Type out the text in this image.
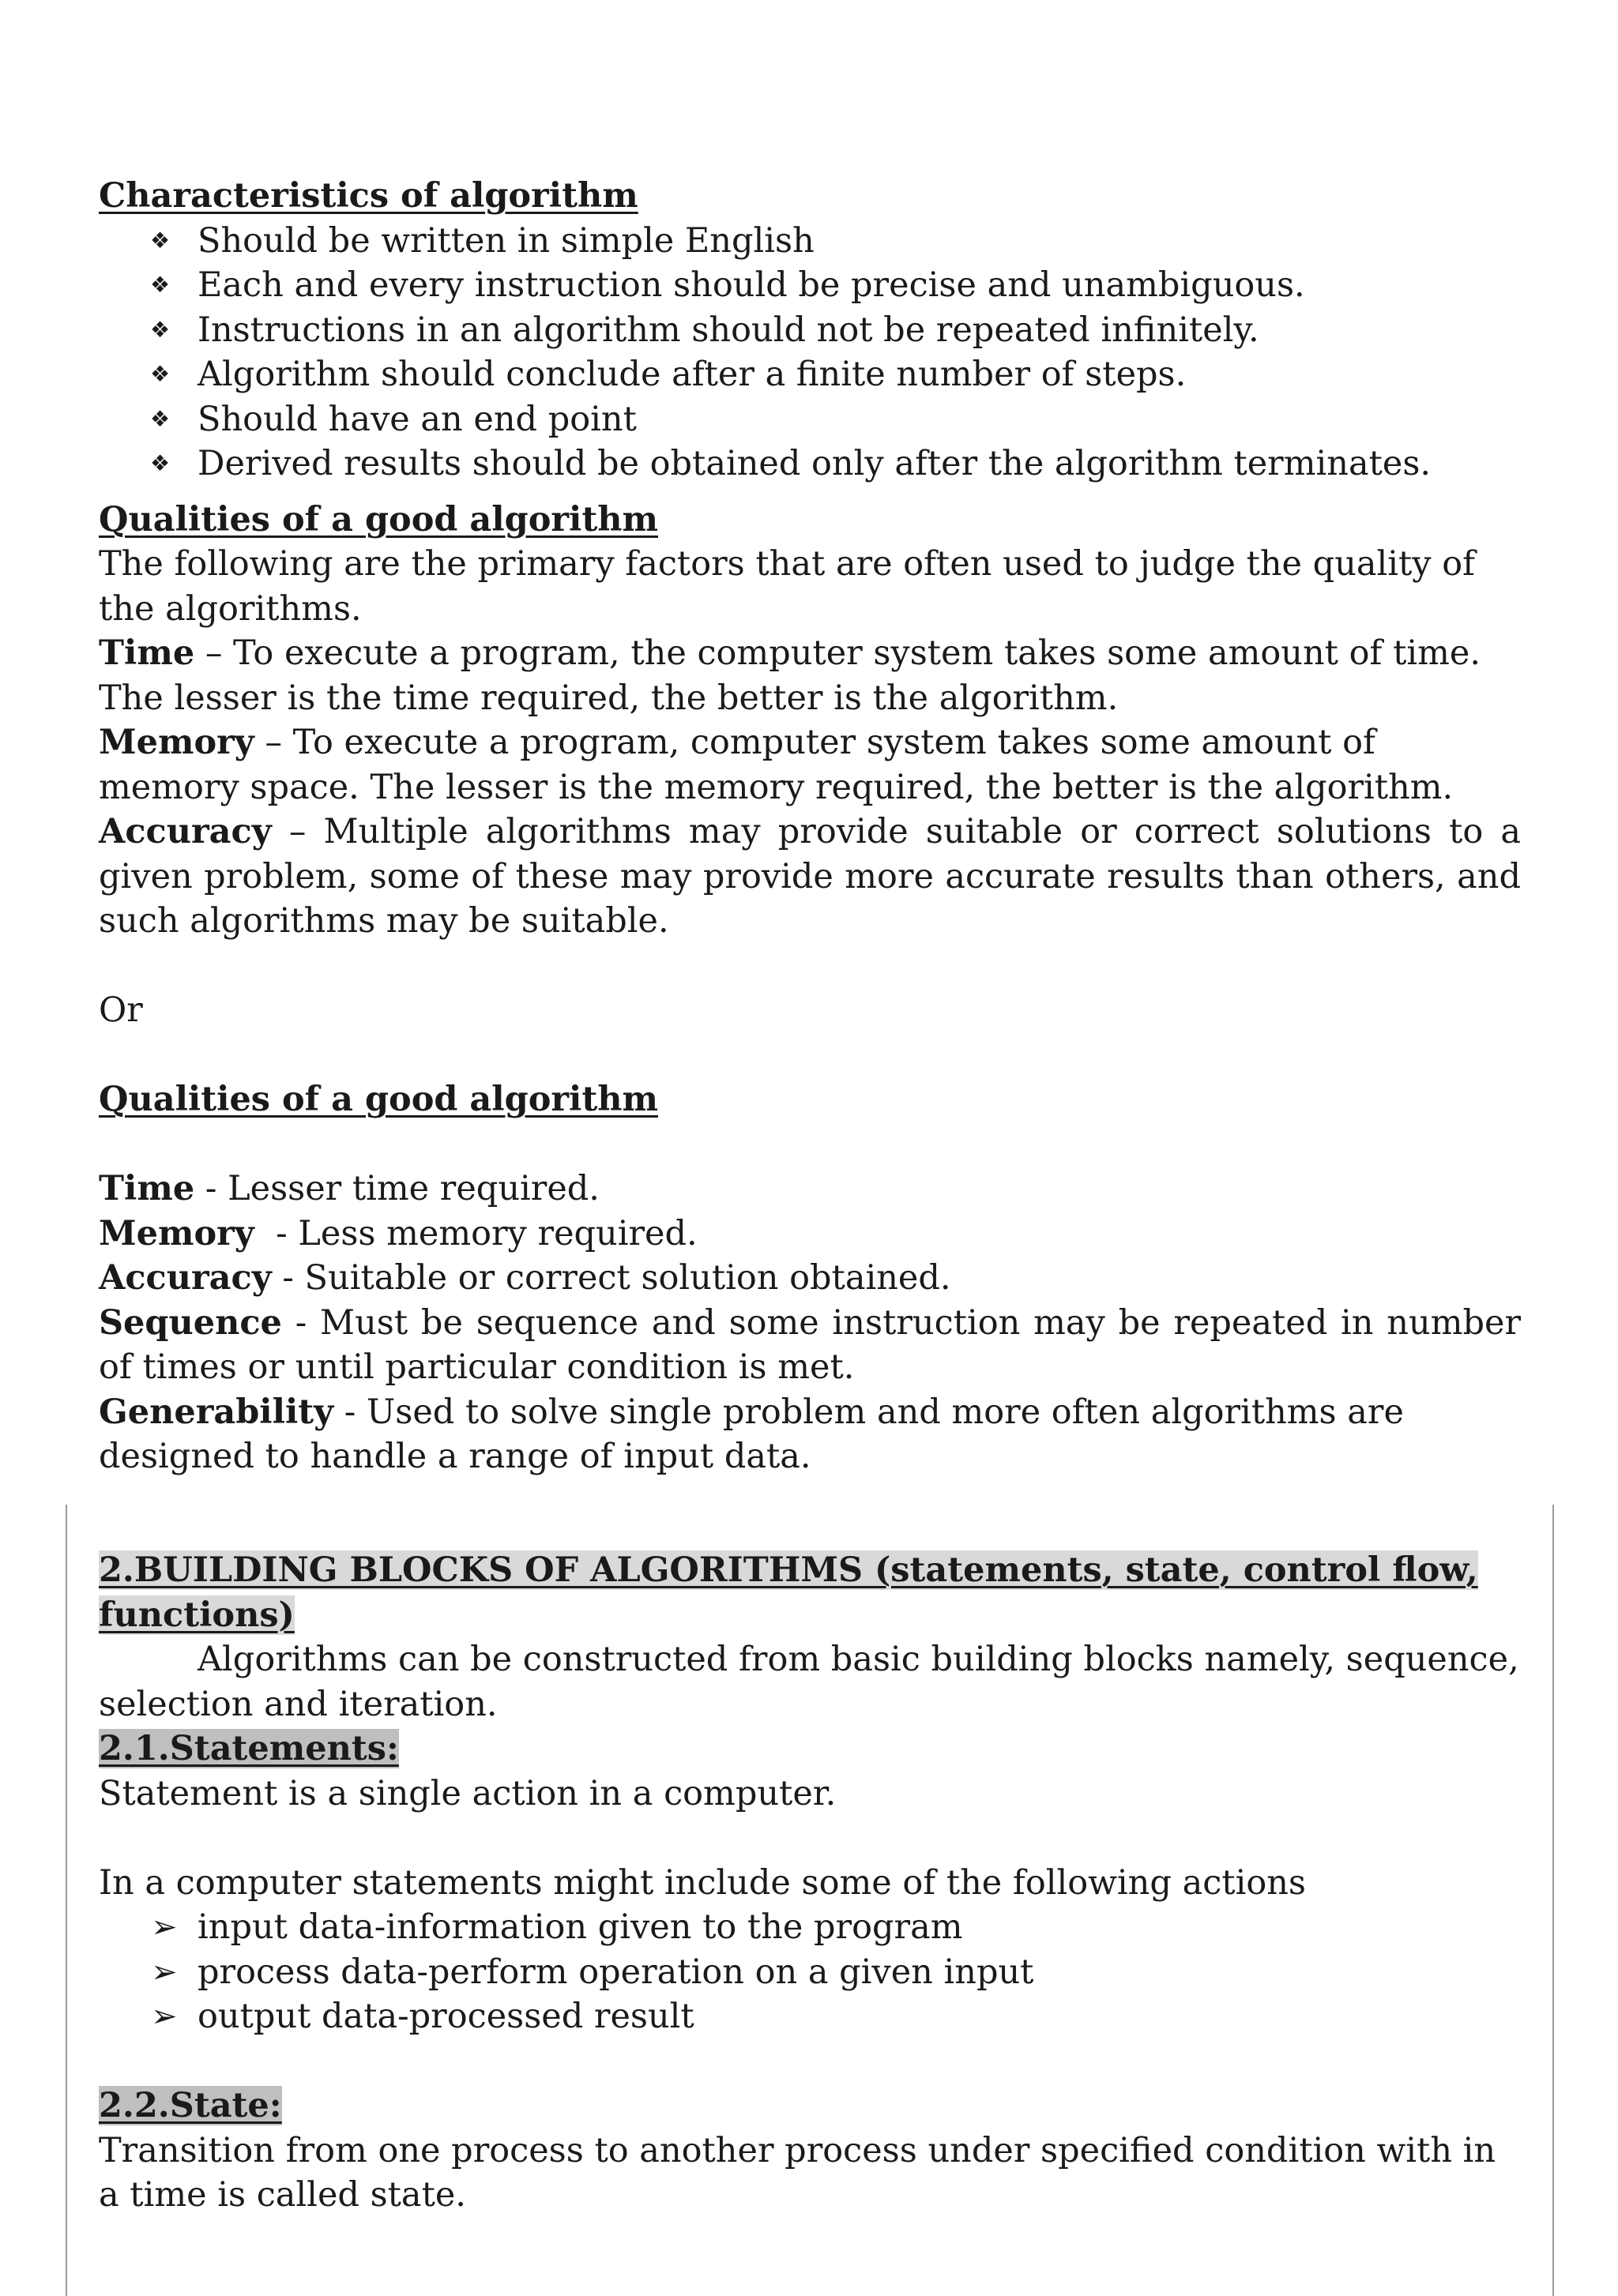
Characteristics of algorithm
❖ Should be written in simple English
❖ Each and every instruction should be precise and unambiguous.
❖ Instructions in an algorithm should not be repeated infinitely.
❖ Algorithm should conclude after a finite number of steps.
❖ Should have an end point
❖ Derived results should be obtained only after the algorithm terminates.
Qualities of a good algorithm
The following are the primary factors that are often used to judge the quality of the algorithms.
Time – To execute a program, the computer system takes some amount of time. The lesser is the time required, the better is the algorithm.
Memory – To execute a program, computer system takes some amount of memory space. The lesser is the memory required, the better is the algorithm.
Accuracy – Multiple algorithms may provide suitable or correct solutions to a given problem, some of these may provide more accurate results than others, and such algorithms may be suitable.
Or
Qualities of a good algorithm
Time - Lesser time required.
Memory  - Less memory required.
Accuracy - Suitable or correct solution obtained.
Sequence - Must be sequence and some instruction may be repeated in number of times or until particular condition is met.
Generability - Used to solve single problem and more often algorithms are designed to handle a range of input data.
2.BUILDING BLOCKS OF ALGORITHMS (statements, state, control flow, functions)
Algorithms can be constructed from basic building blocks namely, sequence, selection and iteration.
2.1.Statements:
Statement is a single action in a computer.
In a computer statements might include some of the following actions
➢ input data-information given to the program
➢ process data-perform operation on a given input
➢ output data-processed result
2.2.State:
Transition from one process to another process under specified condition with in a time is called state.
